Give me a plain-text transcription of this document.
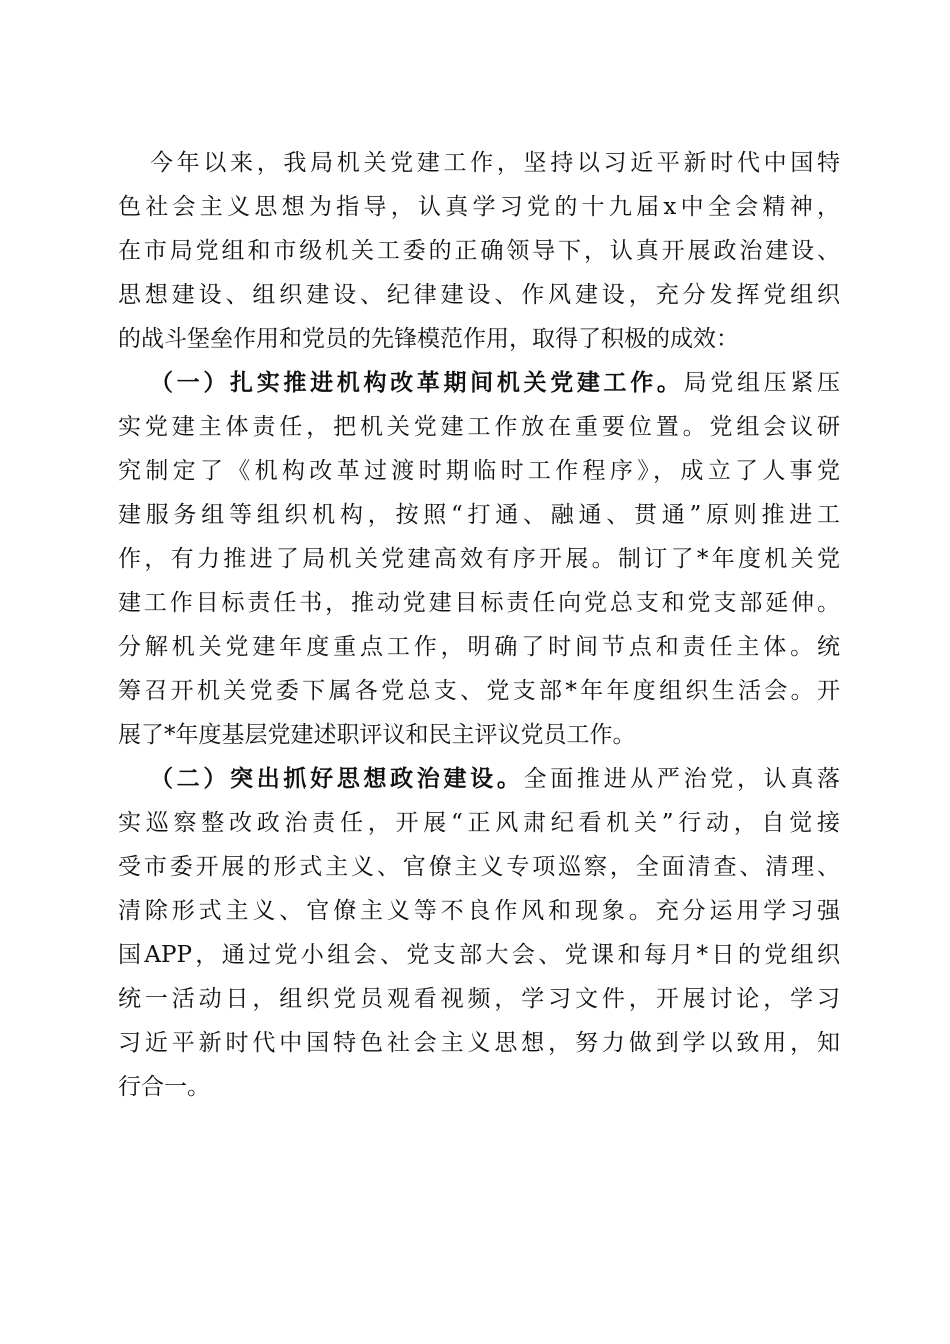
今年以来，我局机关党建工作，坚持以习近平新时代中国特
色社会主义思想为指导，认真学习党的十九届x中全会精神，
在市局党组和市级机关工委的正确领导下，认真开展政治建设、
思想建设、组织建设、纪律建设、作风建设，充分发挥党组织
的战斗堡垒作用和党员的先锋模范作用，取得了积极的成效：
（一）扎实推进机构改革期间机关党建工作。局党组压紧压
实党建主体责任，把机关党建工作放在重要位置。党组会议研
究制定了《机构改革过渡时期临时工作程序》，成立了人事党
建服务组等组织机构，按照“打通、融通、贯通”原则推进工
作，有力推进了局机关党建高效有序开展。制订了*年度机关党
建工作目标责任书，推动党建目标责任向党总支和党支部延伸。
分解机关党建年度重点工作，明确了时间节点和责任主体。统
筹召开机关党委下属各党总支、党支部*年年度组织生活会。开
展了*年度基层党建述职评议和民主评议党员工作。
（二）突出抓好思想政治建设。全面推进从严治党，认真落
实巡察整改政治责任，开展“正风肃纪看机关”行动，自觉接
受市委开展的形式主义、官僚主义专项巡察，全面清查、清理、
清除形式主义、官僚主义等不良作风和现象。充分运用学习强
国APP，通过党小组会、党支部大会、党课和每月*日的党组织
统一活动日，组织党员观看视频，学习文件，开展讨论，学习
习近平新时代中国特色社会主义思想，努力做到学以致用，知
行合一。
